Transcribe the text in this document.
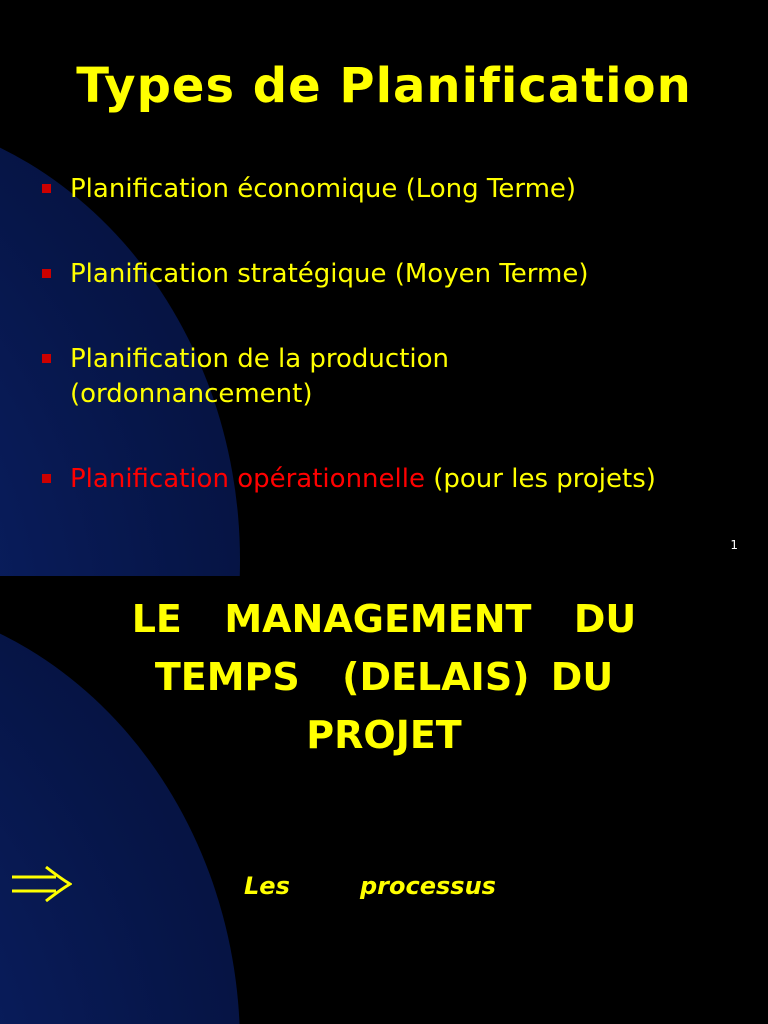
Types de Planification
Planification économique (Long Terme)
Planification stratégique (Moyen Terme)
Planification de la production
(ordonnancement)
Planification opérationnelle (pour les projets)
1
LE  MANAGEMENT  DU
TEMPS  (DELAIS) DU
PROJET
Les	processus
